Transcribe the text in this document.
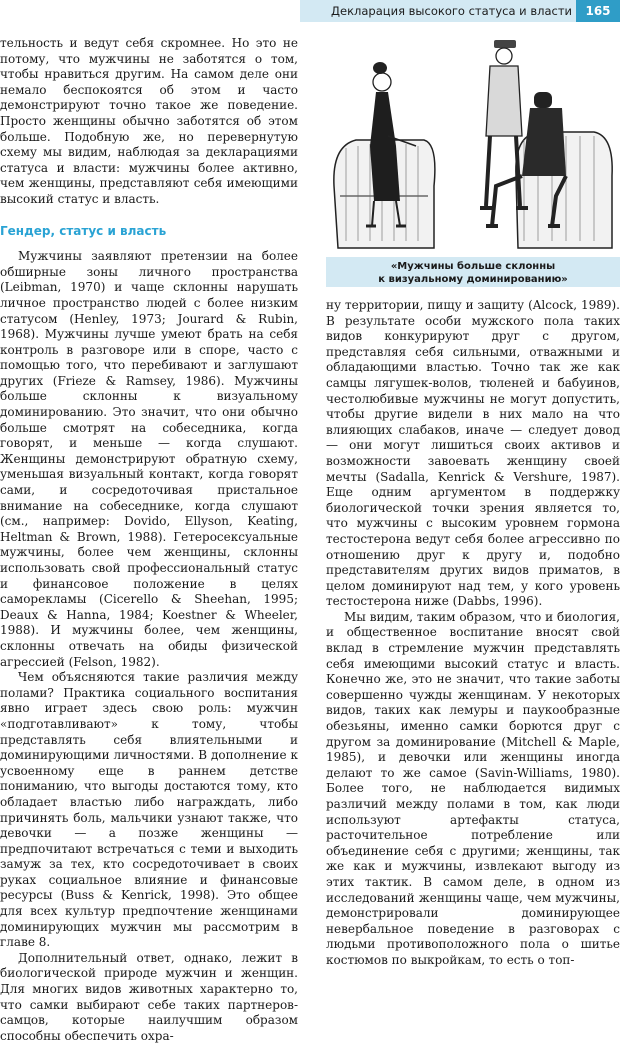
Декларация высокого статуса и власти	165

тельность и ведут себя скромнее. Но это не потому, что мужчины не заботятся о том, чтобы нравиться другим. На самом деле они немало беспокоятся об этом и часто демонстрируют точно такое же поведение. Просто женщины обычно заботятся об этом больше. Подобную же, но перевернутую схему мы видим, наблюдая за декларациями статуса и власти: мужчины более активно, чем женщины, представляют себя имеющими высокий статус и власть.

Гендер, статус и власть

Мужчины заявляют претензии на более обширные зоны личного пространства (Leibman, 1970) и чаще склонны нарушать личное пространство людей с более низким статусом (Henley, 1973; Jourard & Rubin, 1968). Мужчины лучше умеют брать на себя контроль в разговоре или в споре, часто с помощью того, что перебивают и заглушают других (Frieze & Ramsey, 1986). Мужчины больше склонны к визуальному доминированию. Это значит, что они обычно больше смотрят на собеседника, когда говорят, и меньше — когда слушают. Женщины демонстрируют обратную схему, уменьшая визуальный контакт, когда говорят сами, и сосредоточивая пристальное внимание на собеседнике, когда слушают (см., например: Dovido, Ellyson, Keating, Heltman & Brown, 1988). Гетеросексуальные мужчины, более чем женщины, склонны использовать свой профессиональный статус и финансовое положение в целях саморекламы (Cicerello & Sheehan, 1995; Deaux & Hanna, 1984; Koestner & Wheeler, 1988). И мужчины более, чем женщины, склонны отвечать на обиды физической агрессией (Felson, 1982).

Чем объясняются такие различия между полами? Практика социального воспитания явно играет здесь свою роль: мужчин «подготавливают» к тому, чтобы представлять себя влиятельными и доминирующими личностями. В дополнение к усвоенному еще в раннем детстве пониманию, что выгоды достаются тому, кто обладает властью либо награждать, либо причинять боль, мальчики узнают также, что девочки — а позже женщины — предпочитают встречаться с теми и выходить замуж за тех, кто сосредоточивает в своих руках социальное влияние и финансовые ресурсы (Buss & Kenrick, 1998). Это общее для всех культур предпочтение женщинами доминирующих мужчин мы рассмотрим в главе 8.

Дополнительный ответ, однако, лежит в биологической природе мужчин и женщин. Для многих видов животных характерно то, что самки выбирают себе таких партнеров-самцов, которые наилучшим образом способны обеспечить охра-

«Мужчины больше склонны
к визуальному доминированию»

ну территории, пищу и защиту (Alcock, 1989). В результате особи мужского пола таких видов конкурируют друг с другом, представляя себя сильными, отважными и обладающими властью. Точно так же как самцы лягушек-волов, тюленей и бабуинов, честолюбивые мужчины не могут допустить, чтобы другие видели в них мало на что влияющих слабаков, иначе — следует довод — они могут лишиться своих активов и возможности завоевать женщину своей мечты (Sadalla, Kenrick & Vershure, 1987). Еще одним аргументом в поддержку биологической точки зрения является то, что мужчины с высоким уровнем гормона тестостерона ведут себя более агрессивно по отношению друг к другу и, подобно представителям других видов приматов, в целом доминируют над тем, у кого уровень тестостерона ниже (Dabbs, 1996).

Мы видим, таким образом, что и биология, и общественное воспитание вносят свой вклад в стремление мужчин представлять себя имеющими высокий статус и власть. Конечно же, это не значит, что такие заботы совершенно чужды женщинам. У некоторых видов, таких как лемуры и паукообразные обезьяны, именно самки борются друг с другом за доминирование (Mitchell & Maple, 1985), и девочки или женщины иногда делают то же самое (Savin-Williams, 1980). Более того, не наблюдается видимых различий между полами в том, как люди используют артефакты статуса, расточительное потребление или объединение себя с другими; женщины, так же как и мужчины, извлекают выгоду из этих тактик. В самом деле, в одном из исследований женщины чаще, чем мужчины, демонстрировали доминирующее невербальное поведение в разговорах с людьми противоположного пола о шитье костюмов по выкройкам, то есть о топ-
